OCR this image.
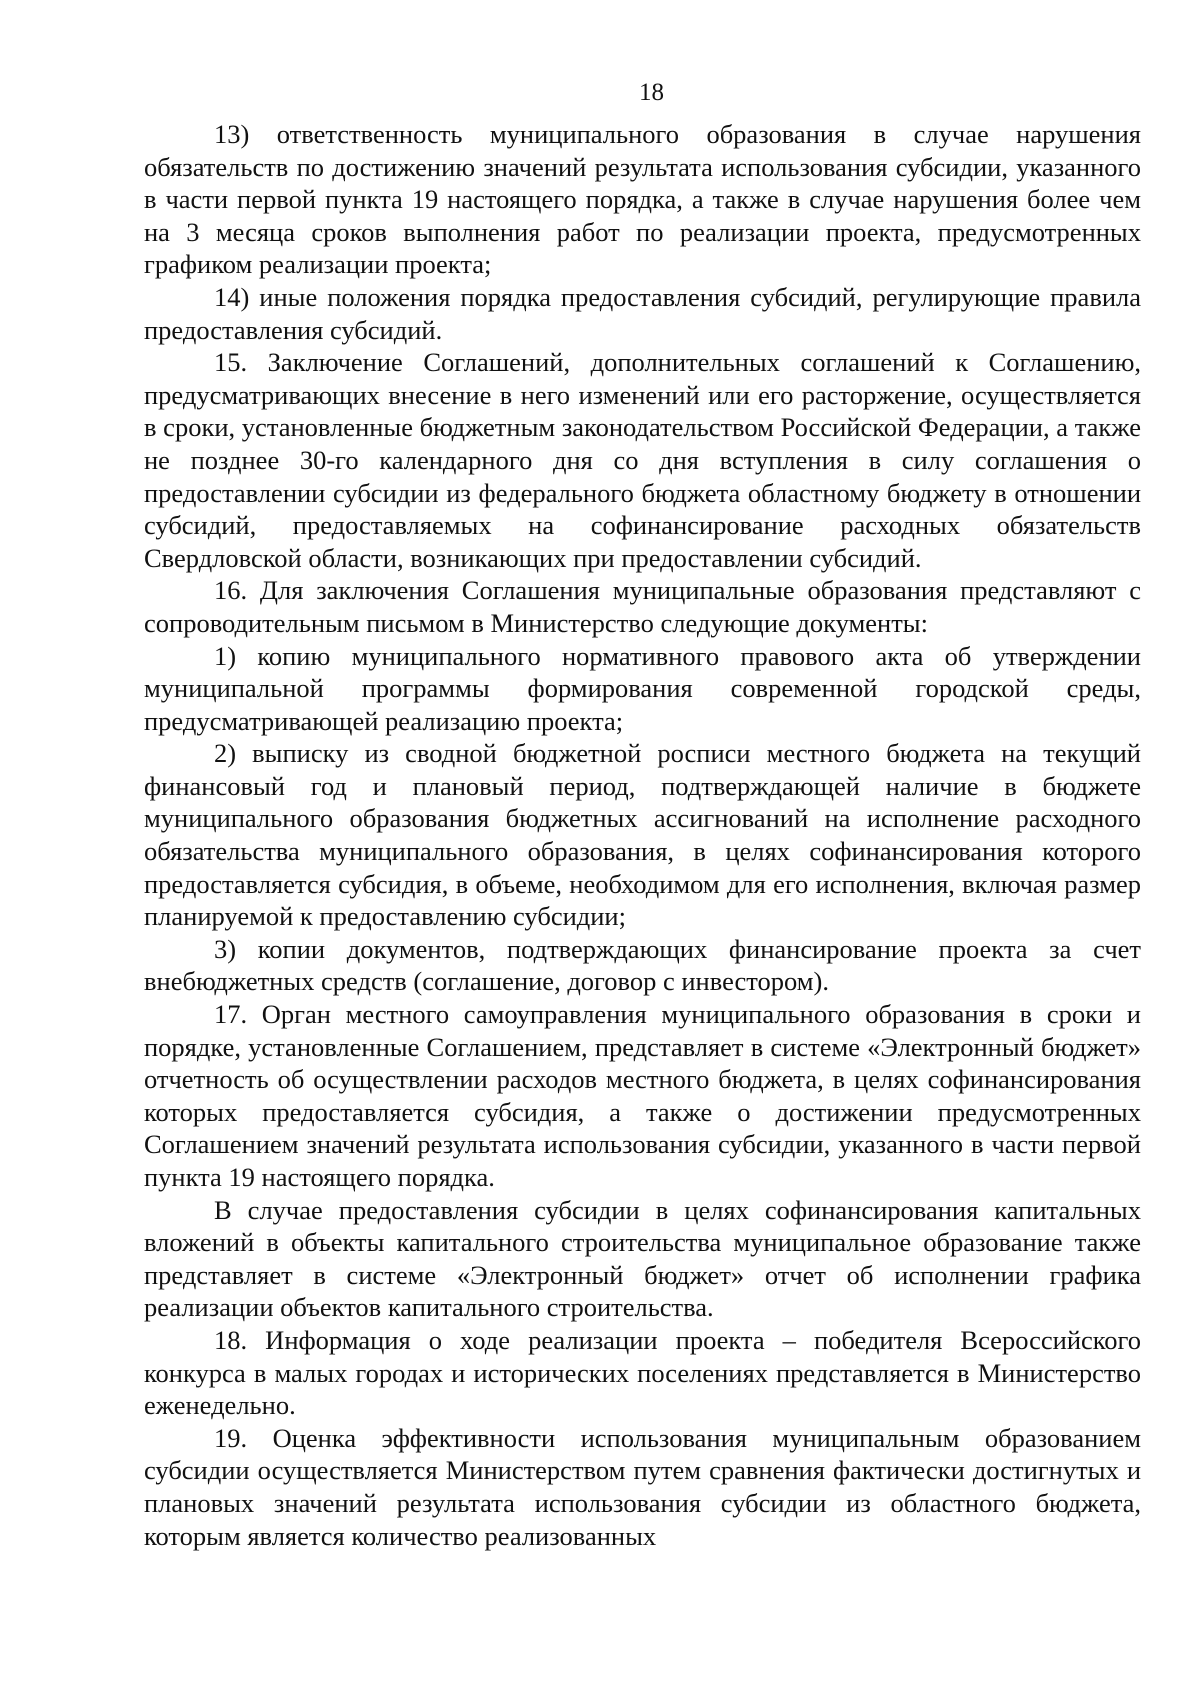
18

13) ответственность муниципального образования в случае нарушения обязательств по достижению значений результата использования субсидии, указанного в части первой пункта 19 настоящего порядка, а также в случае нарушения более чем на 3 месяца сроков выполнения работ по реализации проекта, предусмотренных графиком реализации проекта;

14) иные положения порядка предоставления субсидий, регулирующие правила предоставления субсидий.

15. Заключение Соглашений, дополнительных соглашений к Соглашению, предусматривающих внесение в него изменений или его расторжение, осуществляется в сроки, установленные бюджетным законодательством Российской Федерации, а также не позднее 30-го календарного дня со дня вступления в силу соглашения о предоставлении субсидии из федерального бюджета областному бюджету в отношении субсидий, предоставляемых на софинансирование расходных обязательств Свердловской области, возникающих при предоставлении субсидий.

16. Для заключения Соглашения муниципальные образования представляют с сопроводительным письмом в Министерство следующие документы:

1) копию муниципального нормативного правового акта об утверждении муниципальной программы формирования современной городской среды, предусматривающей реализацию проекта;

2) выписку из сводной бюджетной росписи местного бюджета на текущий финансовый год и плановый период, подтверждающей наличие в бюджете муниципального образования бюджетных ассигнований на исполнение расходного обязательства муниципального образования, в целях софинансирования которого предоставляется субсидия, в объеме, необходимом для его исполнения, включая размер планируемой к предоставлению субсидии;

3) копии документов, подтверждающих финансирование проекта за счет внебюджетных средств (соглашение, договор с инвестором).

17. Орган местного самоуправления муниципального образования в сроки и порядке, установленные Соглашением, представляет в системе «Электронный бюджет» отчетность об осуществлении расходов местного бюджета, в целях софинансирования которых предоставляется субсидия, а также о достижении предусмотренных Соглашением значений результата использования субсидии, указанного в части первой пункта 19 настоящего порядка.

В случае предоставления субсидии в целях софинансирования капитальных вложений в объекты капитального строительства муниципальное образование также представляет в системе «Электронный бюджет» отчет об исполнении графика реализации объектов капитального строительства.

18. Информация о ходе реализации проекта – победителя Всероссийского конкурса в малых городах и исторических поселениях представляется в Министерство еженедельно.

19. Оценка эффективности использования муниципальным образованием субсидии осуществляется Министерством путем сравнения фактически достигнутых и плановых значений результата использования субсидии из областного бюджета, которым является количество реализованных
